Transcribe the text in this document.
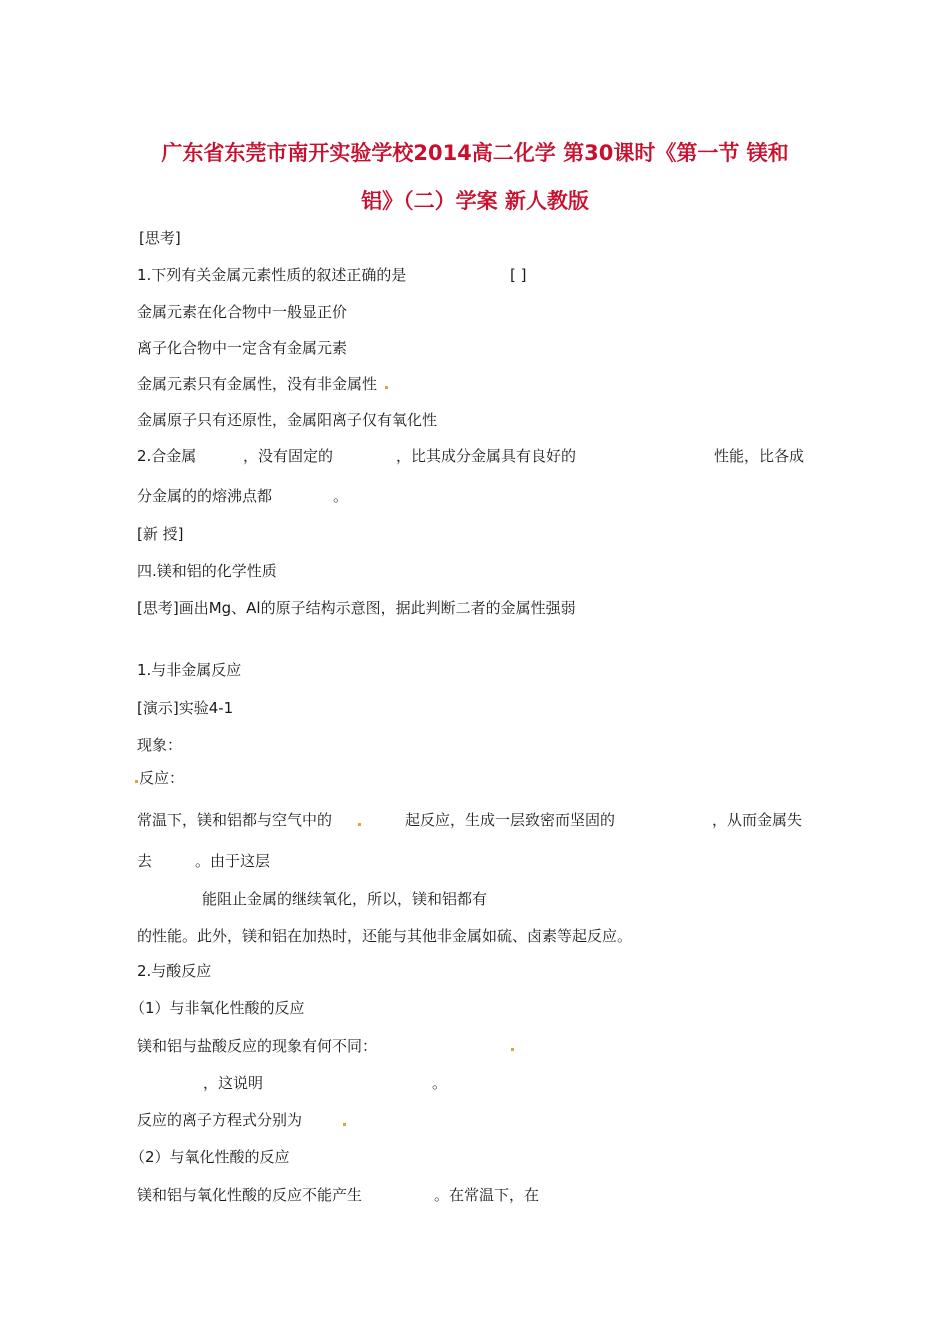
广东省东莞市南开实验学校2014高二化学 第30课时《第一节 镁和
铝》（二）学案 新人教版
[思考]
1.下列有关金属元素性质的叙述正确的是	[ ]
金属元素在化合物中一般显正价
离子化合物中一定含有金属元素
金属元素只有金属性，没有非金属性
金属原子只有还原性，金属阳离子仅有氧化性
2.合金属	，没有固定的	，比其成分金属具有良好的	性能，比各成
分金属的的熔沸点都	。
[新 授]
四.镁和铝的化学性质
[思考]画出Mg、Al的原子结构示意图，据此判断二者的金属性强弱
1.与非金属反应
[演示]实验4-1
现象：
反应：
常温下，镁和铝都与空气中的	起反应，生成一层致密而坚固的	，从而金属失
去	。由于这层
能阻止金属的继续氧化，所以，镁和铝都有
的性能。此外，镁和铝在加热时，还能与其他非金属如硫、卤素等起反应。
2.与酸反应
（1）与非氧化性酸的反应
镁和铝与盐酸反应的现象有何不同：
，这说明	。
反应的离子方程式分别为
（2）与氧化性酸的反应
镁和铝与氧化性酸的反应不能产生	。在常温下，在
